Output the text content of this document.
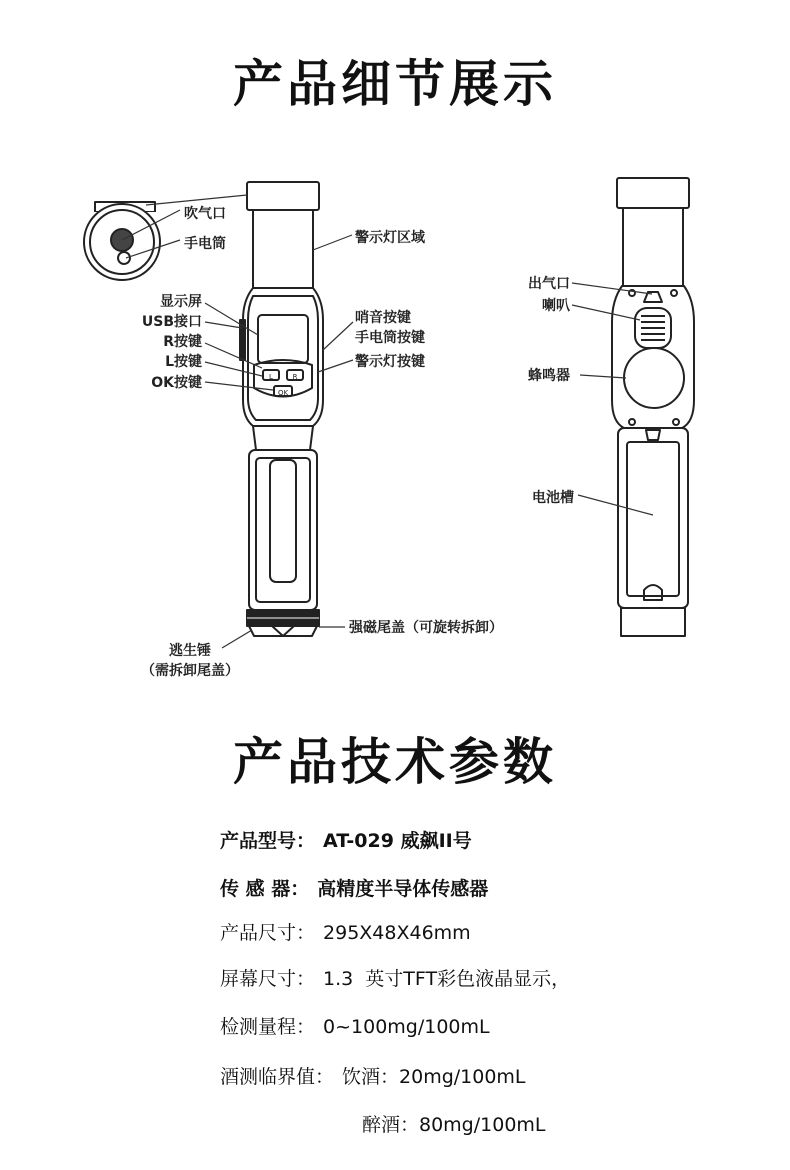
产品细节展示
L	R
OK
吹气口
手电筒	警示灯区域
显示屏
USB接口
R按键
L按键
OK按键
哨音按键
手电筒按键
警示灯按键
强磁尾盖（可旋转拆卸）
逃生锤
（需拆卸尾盖）
出气口
喇叭
蜂鸣器
电池槽
产品技术参数
产品型号： AT-029 威飙II号
传 感 器： 高精度半导体传感器
产品尺寸： 295X48X46mm
屏幕尺寸： 1.3  英寸TFT彩色液晶显示，
检测量程： 0~100mg/100mL
酒测临界值： 饮酒：20mg/100mL
醉酒：80mg/100mL
